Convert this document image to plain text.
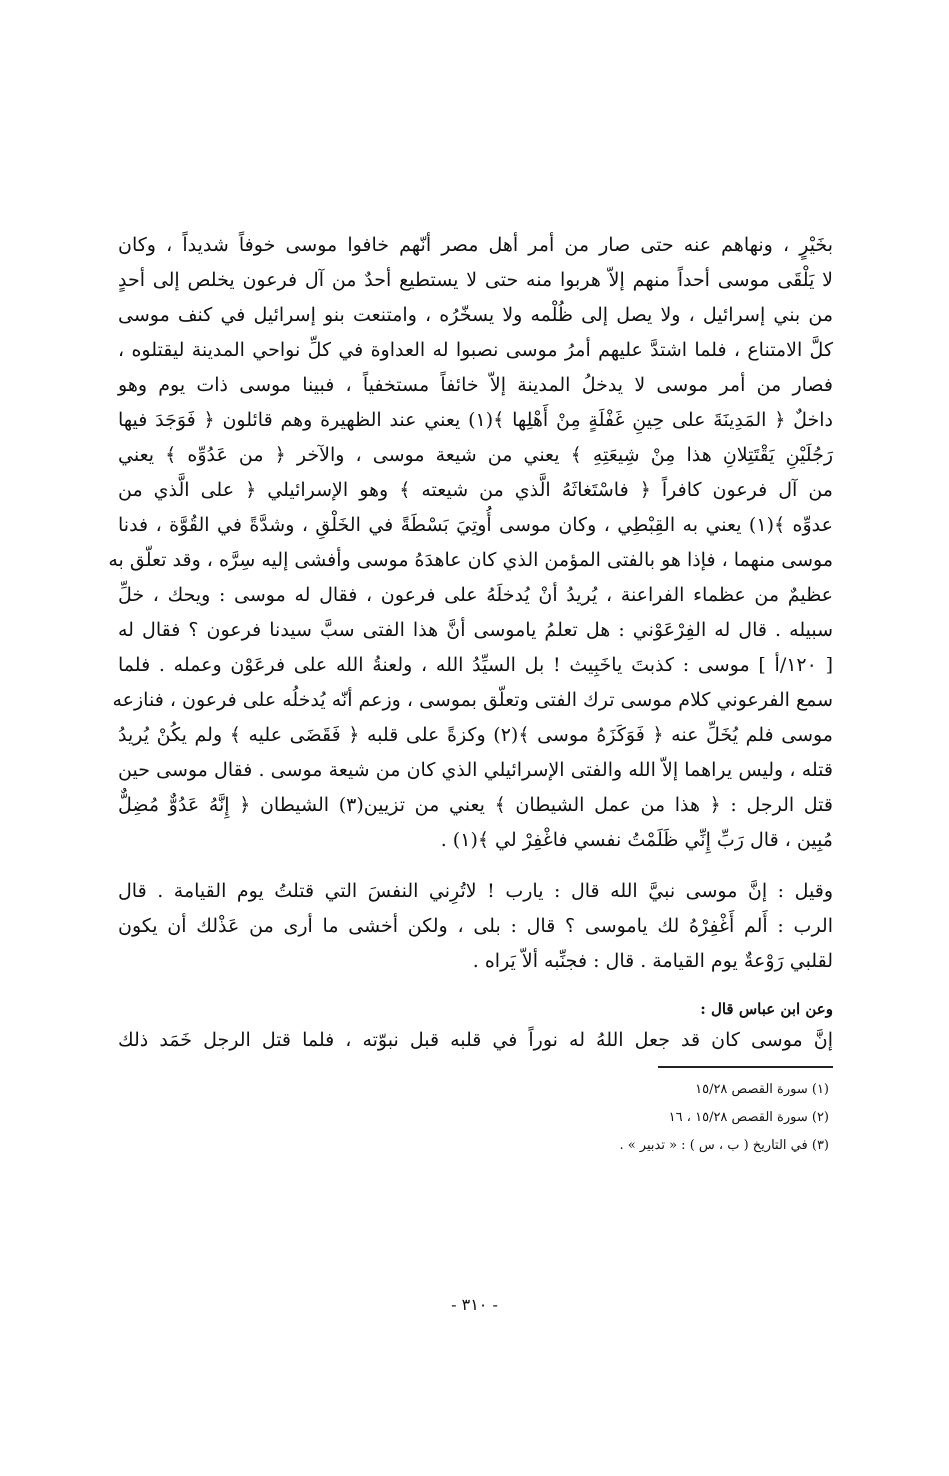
بخَيْرٍ ، ونهاهم عنه حتى صار من أمر أهل مصر أنّهم خافوا موسى خوفاً شديداً ، وكان
لا يَلْقَى موسى أحداً منهم إلاّ هربوا منه حتى لا يستطيع أحدٌ من آل فرعون يخلص إلى أحدٍ
من بني إسرائيل ، ولا يصل إلى ظُلْمه ولا يسخّرُه ، وامتنعت بنو إسرائيل في كنف موسى
كلَّ الامتناع ، فلما اشتدَّ عليهم أمرُ موسى نصبوا له العداوة في كلِّ نواحي المدينة ليقتلوه ،
فصار من أمر موسى لا يدخلُ المدينة إلاّ خائفاً مستخفياً ، فبينا موسى ذات يوم وهو
داخلٌ ﴿ المَدِينَةَ على حِينِ غَفْلَةٍ مِنْ أَهْلِها ﴾(١) يعني عند الظهيرة وهم قائلون ﴿ فَوَجَدَ فيها
رَجُلَيْنِ يَقْتَتِلانِ هذا مِنْ شِيعَتِهِ ﴾ يعني من شيعة موسى ، والآخر ﴿ من عَدُوِّه ﴾ يعني
من آل فرعون كافراً ﴿ فاسْتَغاثَهُ الَّذي من شيعته ﴾ وهو الإسرائيلي ﴿ على الَّذي من
عدوِّه ﴾(١) يعني به القِبْطِي ، وكان موسى أُوتِيَ بَسْطَةً في الخَلْقِ ، وشدَّةً في القُوَّة ، فدنا
موسى منهما ، فإذا هو بالفتى المؤمن الذي كان عاهدَهُ موسى وأفشى إليه سِرَّه ، وقد تعلّق به
عظيمٌ من عظماء الفراعنة ، يُريدُ أنْ يُدخلَهُ على فرعون ، فقال له موسى : ويحك ، خلِّ
سبيله . قال له الفِرْعَوْني : هل تعلمُ ياموسى أنَّ هذا الفتى سبَّ سيدنا فرعون ؟ فقال له
[ ١٢٠/أ ] موسى : كذبتَ ياخَبِيث ! بل السيِّدُ الله ، ولعنةُ الله على فرعَوْن وعمله . فلما
سمع الفرعوني كلام موسى ترك الفتى وتعلّق بموسى ، وزعم أنّه يُدخلُه على فرعون ، فنازعه
موسى فلم يُخَلِّ عنه ﴿ فَوَكَزَهُ موسى ﴾(٢) وكزةً على قلبه ﴿ فَقَضَى عليه ﴾ ولم يكُنْ يُريدُ
قتله ، وليس يراهما إلاّ الله والفتى الإسرائيلي الذي كان من شيعة موسى . فقال موسى حين
قتل الرجل : ﴿ هذا من عمل الشيطان ﴾ يعني من تزيين(٣) الشيطان ﴿ إِنَّهُ عَدُوٌّ مُضِلٌّ
مُبِين ، قال رَبِّ إِنِّي ظَلَمْتُ نفسي فاغْفِرْ لي ﴾(١) .
وقيل : إنَّ موسى نبيَّ الله قال : يارب ! لاتُرِني النفسَ التي قتلتُ يوم القيامة . قال
الرب : أَلم أَغْفِرْهُ لك ياموسى ؟ قال : بلى ، ولكن أخشى ما أرى من عَذْلك أن يكون
لقلبي رَوْعةٌ يوم القيامة . قال : فجنِّبه ألاّ يَراه .
وعن ابن عباس قال :
إنَّ موسى كان قد جعل اللهُ له نوراً في قلبه قبل نبوّته ، فلما قتل الرجل خَمَد ذلك
(١) سورة القصص ١٥/٢٨
(٢) سورة القصص ١٥/٢٨ ، ١٦
(٣) في التاريخ ( ب ، س ) : « تدبير » .
- ٣١٠ -
